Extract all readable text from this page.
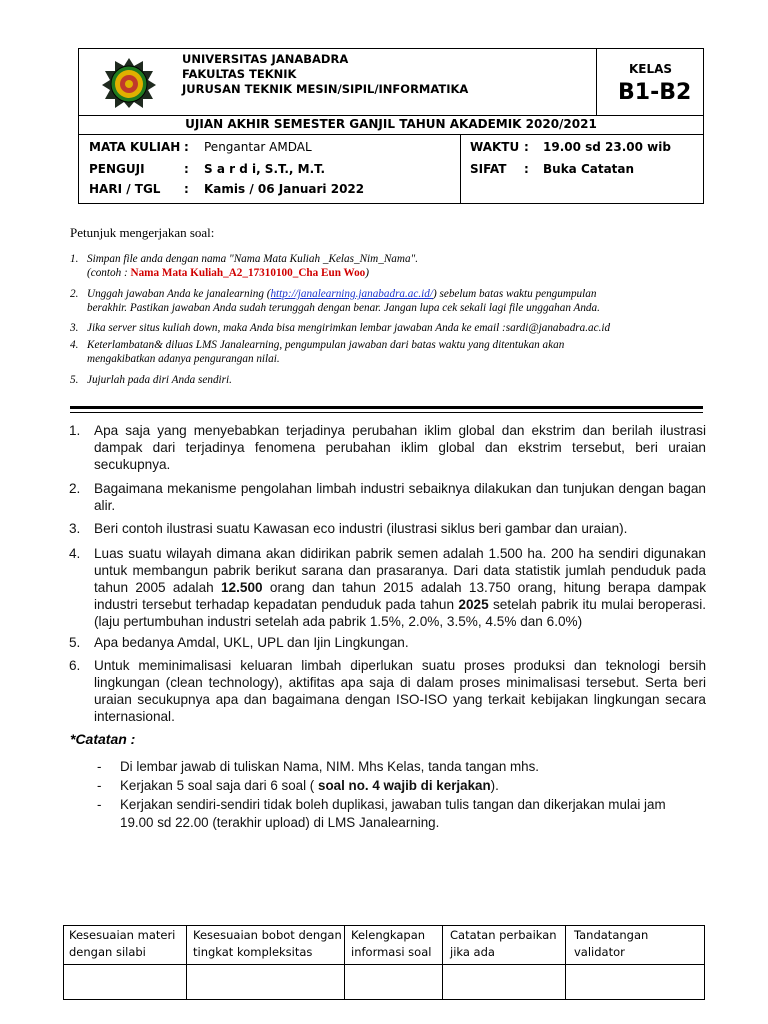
UNIVERSITAS JANABADRA
FAKULTAS TEKNIK
JURUSAN TEKNIK MESIN/SIPIL/INFORMATIKA
KELAS
B1-B2
UJIAN AKHIR SEMESTER GANJIL TAHUN AKADEMIK 2020/2021
MATA KULIAH : Pengantar AMDAL
PENGUJI	: S a r d i, S.T., M.T.
HARI / TGL : Kamis / 06 Januari 2022
WAKTU : 19.00 sd 23.00 wib
SIFAT : Buka Catatan
Petunjuk mengerjakan soal:
1. Simpan file anda dengan nama "Nama Mata Kuliah _Kelas_Nim_Nama".
(contoh : Nama Mata Kuliah_A2_17310100_Cha Eun Woo)
2. Unggah jawaban Anda ke janalearning (http://janalearning.janabadra.ac.id/) sebelum batas waktu pengumpulan
berakhir. Pastikan jawaban Anda sudah terunggah dengan benar. Jangan lupa cek sekali lagi file unggahan Anda.
3. Jika server situs kuliah down, maka Anda bisa mengirimkan lembar jawaban Anda ke email :sardi@janabadra.ac.id
4. Keterlambatan& diluas LMS Janalearning, pengumpulan jawaban dari batas waktu yang ditentukan akan
mengakibatkan adanya pengurangan nilai.
5. Jujurlah pada diri Anda sendiri.
1. Apa saja yang menyebabkan terjadinya perubahan iklim global dan ekstrim dan berilah ilustrasi dampak dari terjadinya fenomena perubahan iklim global dan ekstrim tersebut, beri uraian secukupnya.
2. Bagaimana mekanisme pengolahan limbah industri sebaiknya dilakukan dan tunjukan dengan bagan alir.
3. Beri contoh ilustrasi suatu Kawasan eco industri (ilustrasi siklus beri gambar dan uraian).
4. Luas suatu wilayah dimana akan didirikan pabrik semen adalah 1.500 ha. 200 ha sendiri digunakan untuk membangun pabrik berikut sarana dan prasaranya. Dari data statistik jumlah penduduk pada tahun 2005 adalah 12.500 orang dan tahun 2015 adalah 13.750 orang, hitung berapa dampak industri tersebut terhadap kepadatan penduduk pada tahun 2025 setelah pabrik itu mulai beroperasi. (laju pertumbuhan industri setelah ada pabrik 1.5%, 2.0%, 3.5%, 4.5% dan 6.0%)
5. Apa bedanya Amdal, UKL, UPL dan Ijin Lingkungan.
6. Untuk meminimalisasi keluaran limbah diperlukan suatu proses produksi dan teknologi bersih lingkungan (clean technology), aktifitas apa saja di dalam proses minimalisasi tersebut. Serta beri uraian secukupnya apa dan bagaimana dengan ISO-ISO yang terkait kebijakan lingkungan secara internasional.
*Catatan :
- Di lembar jawab di tuliskan Nama, NIM. Mhs Kelas, tanda tangan mhs.
- Kerjakan 5 soal saja dari 6 soal ( soal no. 4 wajib di kerjakan).
- Kerjakan sendiri-sendiri tidak boleh duplikasi, jawaban tulis tangan dan dikerjakan mulai jam
19.00 sd 22.00 (terakhir upload) di LMS Janalearning.
Kesesuaian materi dengan silabi
Kesesuaian bobot dengan tingkat kompleksitas
Kelengkapan informasi soal
Catatan perbaikan jika ada
Tandatangan validator
